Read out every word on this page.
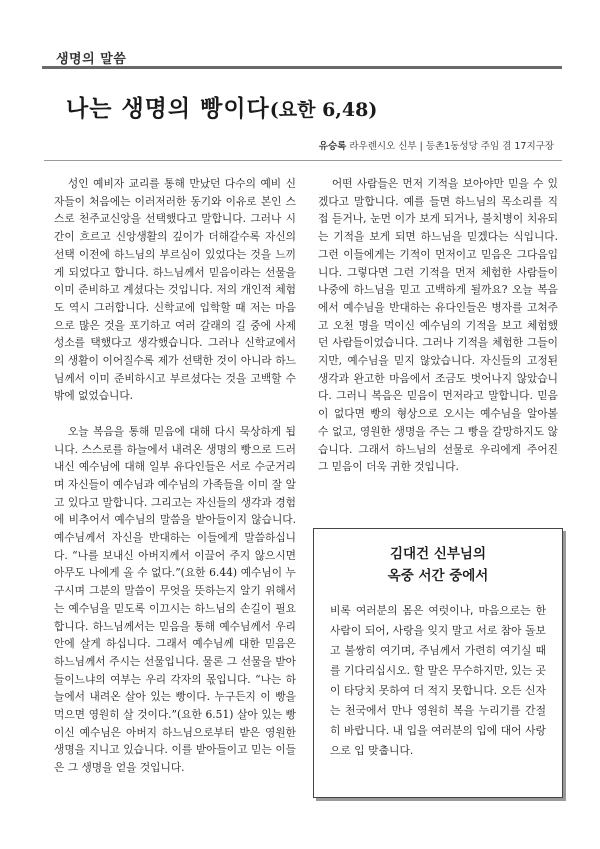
생명의 말씀
나는 생명의 빵이다(요한 6,48)
유승록 라우렌시오 신부 | 등촌1동성당 주임 겸 17지구장

성인 예비자 교리를 통해 만났던 다수의 예비 신자들이 처음에는 이러저러한 동기와 이유로 본인 스스로 천주교신앙을 선택했다고 말합니다. 그러나 시간이 흐르고 신앙생활의 깊이가 더해갈수록 자신의 선택 이전에 하느님의 부르심이 있었다는 것을 느끼게 되었다고 합니다. 하느님께서 믿음이라는 선물을 이미 준비하고 계셨다는 것입니다. 저의 개인적 체험도 역시 그러합니다. 신학교에 입학할 때 저는 마음으로 많은 것을 포기하고 여러 갈래의 길 중에 사제 성소를 택했다고 생각했습니다. 그러나 신학교에서의 생활이 이어질수록 제가 선택한 것이 아니라 하느님께서 이미 준비하시고 부르셨다는 것을 고백할 수밖에 없었습니다.

오늘 복음을 통해 믿음에 대해 다시 묵상하게 됩니다. 스스로를 하늘에서 내려온 생명의 빵으로 드러내신 예수님에 대해 일부 유다인들은 서로 수군거리며 자신들이 예수님과 예수님의 가족들을 이미 잘 알고 있다고 말합니다. 그리고는 자신들의 생각과 경험에 비추어서 예수님의 말씀을 받아들이지 않습니다. 예수님께서 자신을 반대하는 이들에게 말씀하십니다. “나를 보내신 아버지께서 이끌어 주지 않으시면 아무도 나에게 올 수 없다.”(요한 6.44) 예수님이 누구시며 그분의 말씀이 무엇을 뜻하는지 알기 위해서는 예수님을 믿도록 이끄시는 하느님의 손길이 필요합니다. 하느님께서는 믿음을 통해 예수님께서 우리 안에 살게 하십니다. 그래서 예수님께 대한 믿음은 하느님께서 주시는 선물입니다. 물론 그 선물을 받아들이느냐의 여부는 우리 각자의 몫입니다. “나는 하늘에서 내려온 살아 있는 빵이다. 누구든지 이 빵을 먹으면 영원히 살 것이다.”(요한 6.51) 살아 있는 빵이신 예수님은 아버지 하느님으로부터 받은 영원한 생명을 지니고 있습니다. 이를 받아들이고 믿는 이들은 그 생명을 얻을 것입니다.

어떤 사람들은 먼저 기적을 보아야만 믿을 수 있겠다고 말합니다. 예를 들면 하느님의 목소리를 직접 듣거나, 눈먼 이가 보게 되거나, 불치병이 치유되는 기적을 보게 되면 하느님을 믿겠다는 식입니다. 그런 이들에게는 기적이 먼저이고 믿음은 그다음입니다. 그렇다면 그런 기적을 먼저 체험한 사람들이 나중에 하느님을 믿고 고백하게 될까요? 오늘 복음에서 예수님을 반대하는 유다인들은 병자를 고쳐주고 오천 명을 먹이신 예수님의 기적을 보고 체험했던 사람들이었습니다. 그러나 기적을 체험한 그들이지만, 예수님을 믿지 않았습니다. 자신들의 고정된 생각과 완고한 마음에서 조금도 벗어나지 않았습니다. 그러니 복음은 믿음이 먼저라고 말합니다. 믿음이 없다면 빵의 형상으로 오시는 예수님을 알아볼 수 없고, 영원한 생명을 주는 그 빵을 갈망하지도 않습니다. 그래서 하느님의 선물로 우리에게 주어진 그 믿음이 더욱 귀한 것입니다.

김대건 신부님의
옥중 서간 중에서
비록 여러분의 몸은 여럿이나, 마음으로는 한 사람이 되어, 사랑을 잊지 말고 서로 참아 돌보고 불쌍히 여기며, 주님께서 가련히 여기실 때를 기다리십시오. 할 말은 무수하지만, 있는 곳이 타당치 못하여 더 적지 못합니다. 오든 신자는 천국에서 만나 영원히 복을 누리기를 간절히 바랍니다. 내 입을 여러분의 입에 대어 사랑으로 입 맞춥니다.
